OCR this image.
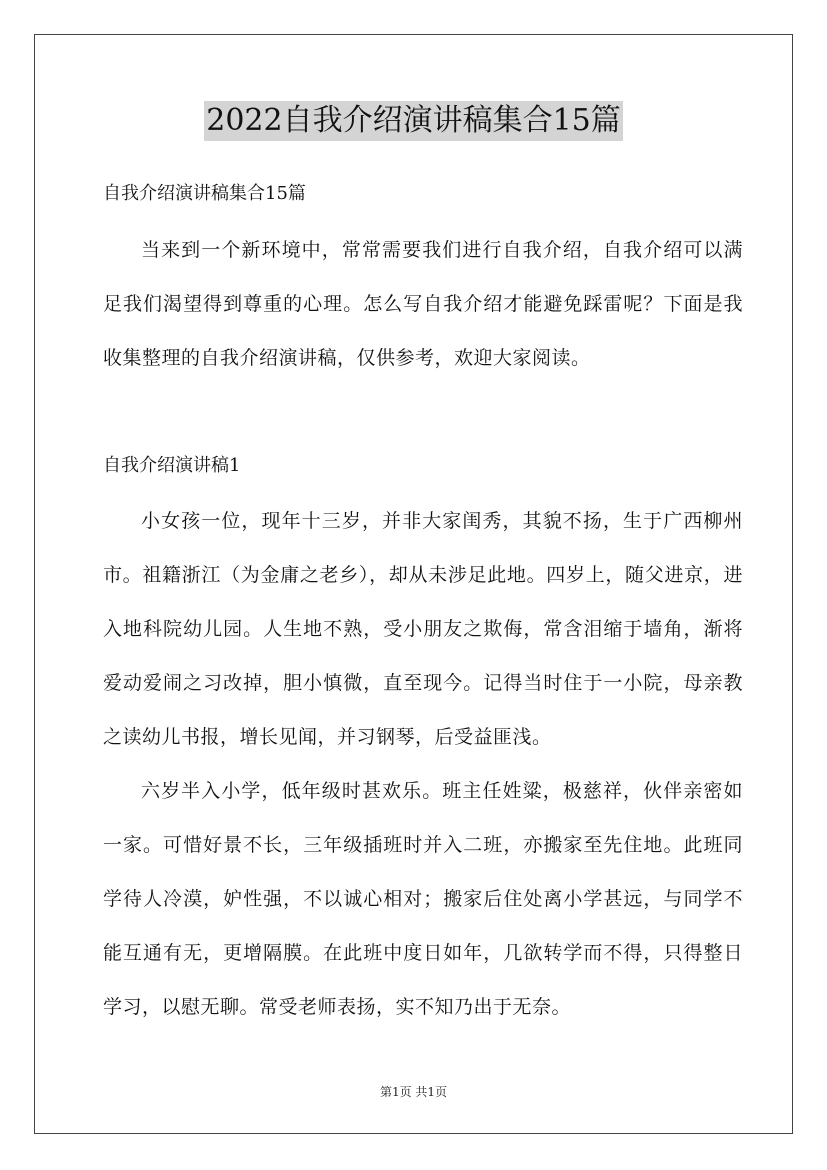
2022自我介绍演讲稿集合15篇
自我介绍演讲稿集合15篇

当来到一个新环境中，常常需要我们进行自我介绍，自我介绍可以满足我们渴望得到尊重的心理。怎么写自我介绍才能避免踩雷呢？下面是我收集整理的自我介绍演讲稿，仅供参考，欢迎大家阅读。

自我介绍演讲稿1

小女孩一位，现年十三岁，并非大家闺秀，其貌不扬，生于广西柳州市。祖籍浙江（为金庸之老乡），却从未涉足此地。四岁上，随父进京，进入地科院幼儿园。人生地不熟，受小朋友之欺侮，常含泪缩于墙角，渐将爱动爱闹之习改掉，胆小慎微，直至现今。记得当时住于一小院，母亲教之读幼儿书报，增长见闻，并习钢琴，后受益匪浅。

六岁半入小学，低年级时甚欢乐。班主任姓粱，极慈祥，伙伴亲密如一家。可惜好景不长，三年级插班时并入二班，亦搬家至先住地。此班同学待人冷漠，妒性强，不以诚心相对；搬家后住处离小学甚远，与同学不能互通有无，更增隔膜。在此班中度日如年，几欲转学而不得，只得整日学习，以慰无聊。常受老师表扬，实不知乃出于无奈。

第1页 共1页
